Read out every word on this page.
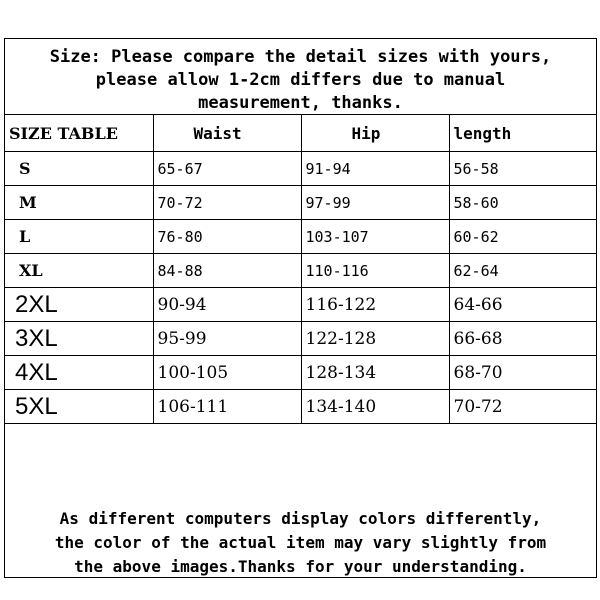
Size: Please compare the detail sizes with yours,
please allow 1-2cm differs due to manual
measurement, thanks.
SIZE TABLE	Waist	Hip	length
S	65-67	91-94	56-58
M	70-72	97-99	58-60
L	76-80	103-107	60-62
XL	84-88	110-116	62-64
2XL	90-94	116-122	64-66
3XL	95-99	122-128	66-68
4XL	100-105	128-134	68-70
5XL	106-111	134-140	70-72
As different computers display colors differently,
the color of the actual item may vary slightly from
the above images.Thanks for your understanding.
